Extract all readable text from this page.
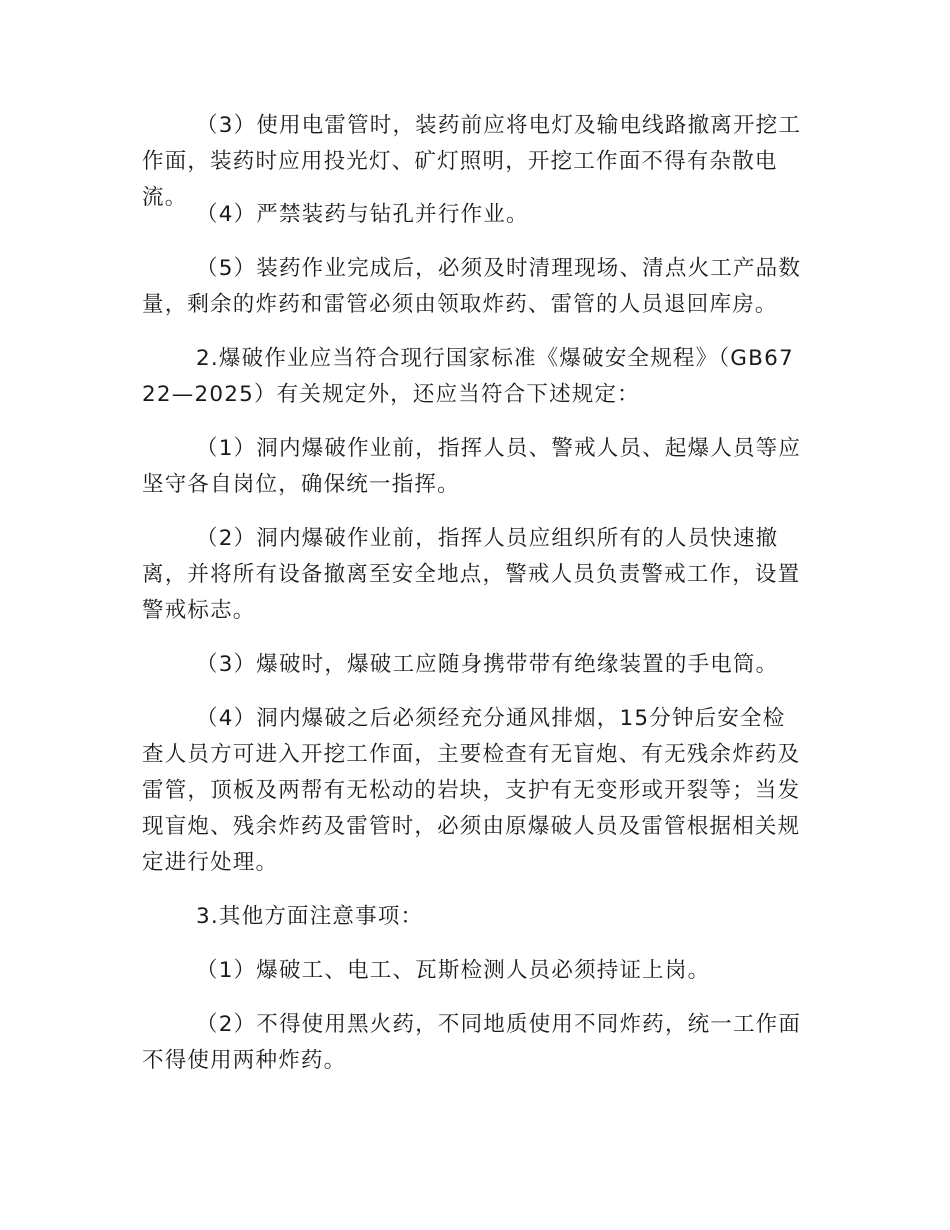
（3）使用电雷管时，装药前应将电灯及输电线路撤离开挖工作面，装药时应用投光灯、矿灯照明，开挖工作面不得有杂散电流。

（4）严禁装药与钻孔并行作业。

（5）装药作业完成后，必须及时清理现场、清点火工产品数量，剩余的炸药和雷管必须由领取炸药、雷管的人员退回库房。

2.爆破作业应当符合现行国家标准《爆破安全规程》（GB6722—2025）有关规定外，还应当符合下述规定：

（1）洞内爆破作业前，指挥人员、警戒人员、起爆人员等应坚守各自岗位，确保统一指挥。

（2）洞内爆破作业前，指挥人员应组织所有的人员快速撤离，并将所有设备撤离至安全地点，警戒人员负责警戒工作，设置警戒标志。

（3）爆破时，爆破工应随身携带带有绝缘装置的手电筒。

（4）洞内爆破之后必须经充分通风排烟，15分钟后安全检查人员方可进入开挖工作面，主要检查有无盲炮、有无残余炸药及雷管，顶板及两帮有无松动的岩块，支护有无变形或开裂等；当发现盲炮、残余炸药及雷管时，必须由原爆破人员及雷管根据相关规定进行处理。

3.其他方面注意事项：

（1）爆破工、电工、瓦斯检测人员必须持证上岗。

（2）不得使用黑火药，不同地质使用不同炸药，统一工作面不得使用两种炸药。
